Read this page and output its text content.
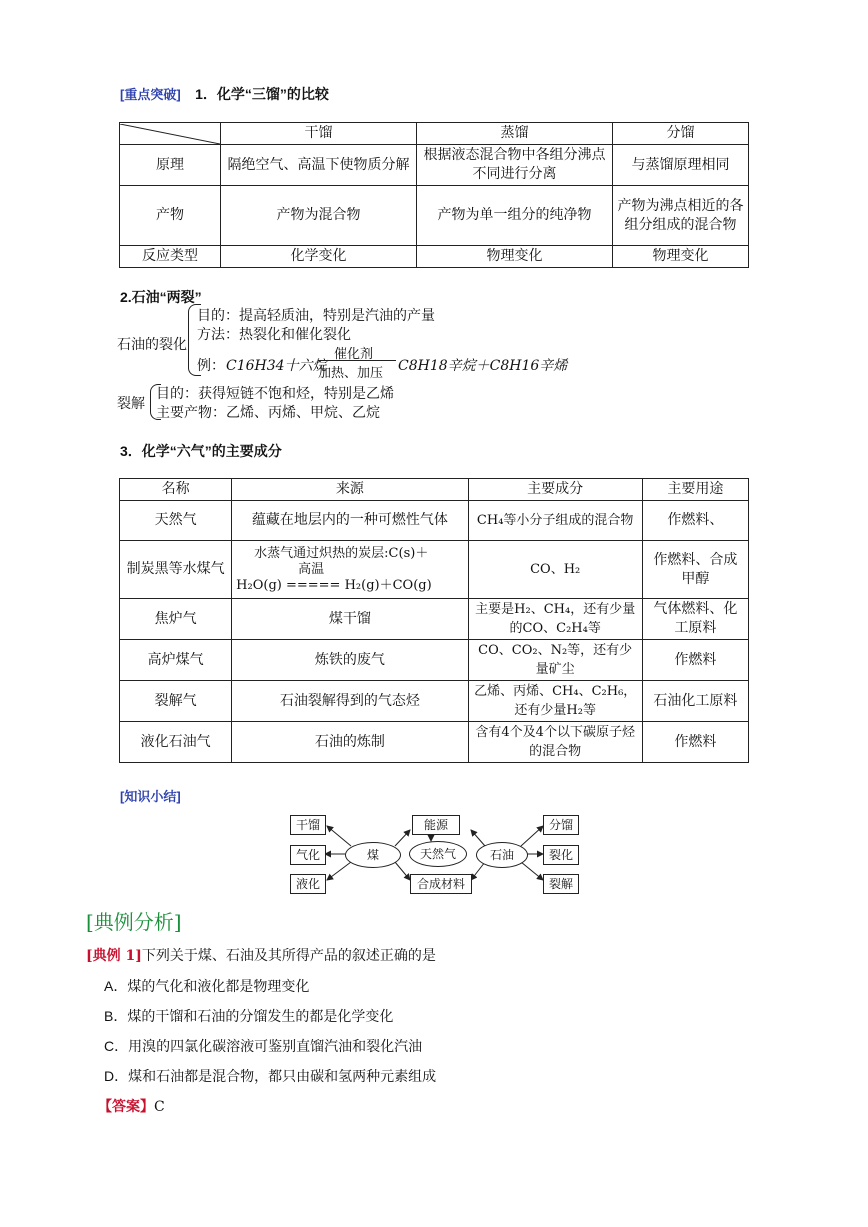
[重点突破] 1．化学“三馏”的比较
	干馏	蒸馏	分馏
原理	隔绝空气、高温下使物质分解	根据液态混合物中各组分沸点不同进行分离	与蒸馏原理相同
产物	产物为混合物	产物为单一组分的纯净物	产物为沸点相近的各组分组成的混合物
反应类型	化学变化	物理变化	物理变化
2.石油“两裂”
石油的裂化
目的：提高轻质油，特别是汽油的产量
方法：热裂化和催化裂化
例： C16H34十六烷
催化剂
加热、加压 C8H18辛烷＋C8H16辛烯
裂解
目的：获得短链不饱和烃，特别是乙烯
主要产物：乙烯、丙烯、甲烷、乙烷
3．化学“六气”的主要成分
名称	来源	主要成分	主要用途
天然气	蕴藏在地层内的一种可燃性气体	CH₄等小分子组成的混合物	作燃料、
制炭黑等水煤气	水蒸气通过炽热的炭层:C(s)＋
高温
H₂O(g) ===== H₂(g)＋CO(g)	CO、H₂	作燃料、合成甲醇
焦炉气	煤干馏	主要是H₂、CH₄，还有少量的CO、C₂H₄等	气体燃料、化工原料
高炉煤气	炼铁的废气	CO、CO₂、N₂等，还有少量矿尘	作燃料
裂解气	石油裂解得到的气态烃	乙烯、丙烯、CH₄、C₂H₆，还有少量H₂等	石油化工原料
液化石油气	石油的炼制	含有4个及4个以下碳原子烃的混合物	作燃料
[知识小结]
干馏
气化
液化
煤
能源
天然气
合成材料
石油
分馏
裂化
裂解
[典例分析]
[典例 1]下列关于煤、石油及其所得产品的叙述正确的是
A．煤的气化和液化都是物理变化
B．煤的干馏和石油的分馏发生的都是化学变化
C．用溴的四氯化碳溶液可鉴别直馏汽油和裂化汽油
D．煤和石油都是混合物，都只由碳和氢两种元素组成
【答案】C
